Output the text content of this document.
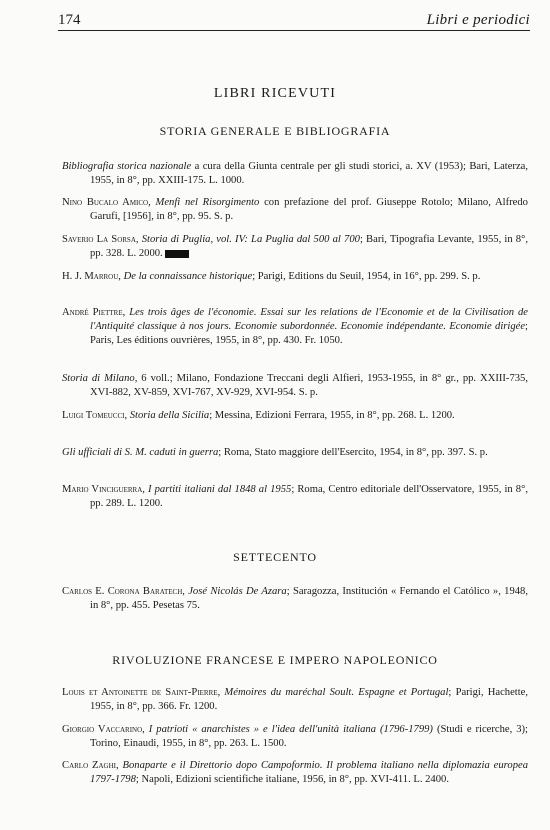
174	Libri e periodici
LIBRI RICEVUTI
STORIA GENERALE E BIBLIOGRAFIA
Bibliografia storica nazionale a cura della Giunta centrale per gli studi storici, a. XV (1953); Bari, Laterza, 1955, in 8°, pp. XXIII-175. L. 1000.
Nino Bucalo Amico, Menfi nel Risorgimento con prefazione del prof. Giuseppe Rotolo; Milano, Alfredo Garufi, [1956], in 8°, pp. 95. S. p.
Saverio La Sorsa, Storia di Puglia, vol. IV: La Puglia dal 500 al 700; Bari, Tipografia Levante, 1955, in 8°, pp. 328. L. 2000.
H. J. Marrou, De la connaissance historique; Parigi, Editions du Seuil, 1954, in 16°, pp. 299. S. p.
André Piettre, Les trois âges de l'économie. Essai sur les relations de l'Economie et de la Civilisation de l'Antiquité classique à nos jours. Economie subordonnée. Economie indépendante. Economie dirigée; Paris, Les éditions ouvrières, 1955, in 8°, pp. 430. Fr. 1050.
Storia di Milano, 6 voll.; Milano, Fondazione Treccani degli Alfieri, 1953-1955, in 8° gr., pp. XXIII-735, XVI-882, XV-859, XVI-767, XV-929, XVI-954. S. p.
Luigi Tomeucci, Storia della Sicilia; Messina, Edizioni Ferrara, 1955, in 8°, pp. 268. L. 1200.
Gli ufficiali di S. M. caduti in guerra; Roma, Stato maggiore dell'Esercito, 1954, in 8°, pp. 397. S. p.
Mario Vinciguerra, I partiti italiani dal 1848 al 1955; Roma, Centro editoriale dell'Osservatore, 1955, in 8°, pp. 289. L. 1200.
SETTECENTO
Carlos E. Corona Baratech, José Nicolás De Azara; Saragozza, Institución « Fernando el Católico », 1948, in 8°, pp. 455. Pesetas 75.
RIVOLUZIONE FRANCESE E IMPERO NAPOLEONICO
Louis et Antoinette de Saint-Pierre, Mémoires du maréchal Soult. Espagne et Portugal; Parigi, Hachette, 1955, in 8°, pp. 366. Fr. 1200.
Giorgio Vaccarino, I patrioti « anarchistes » e l'idea dell'unità italiana (1796-1799) (Studi e ricerche, 3); Torino, Einaudi, 1955, in 8°, pp. 263. L. 1500.
Carlo Zaghi, Bonaparte e il Direttorio dopo Campoformio. Il problema italiano nella diplomazia europea 1797-1798; Napoli, Edizioni scientifiche italiane, 1956, in 8°, pp. XVI-411. L. 2400.
